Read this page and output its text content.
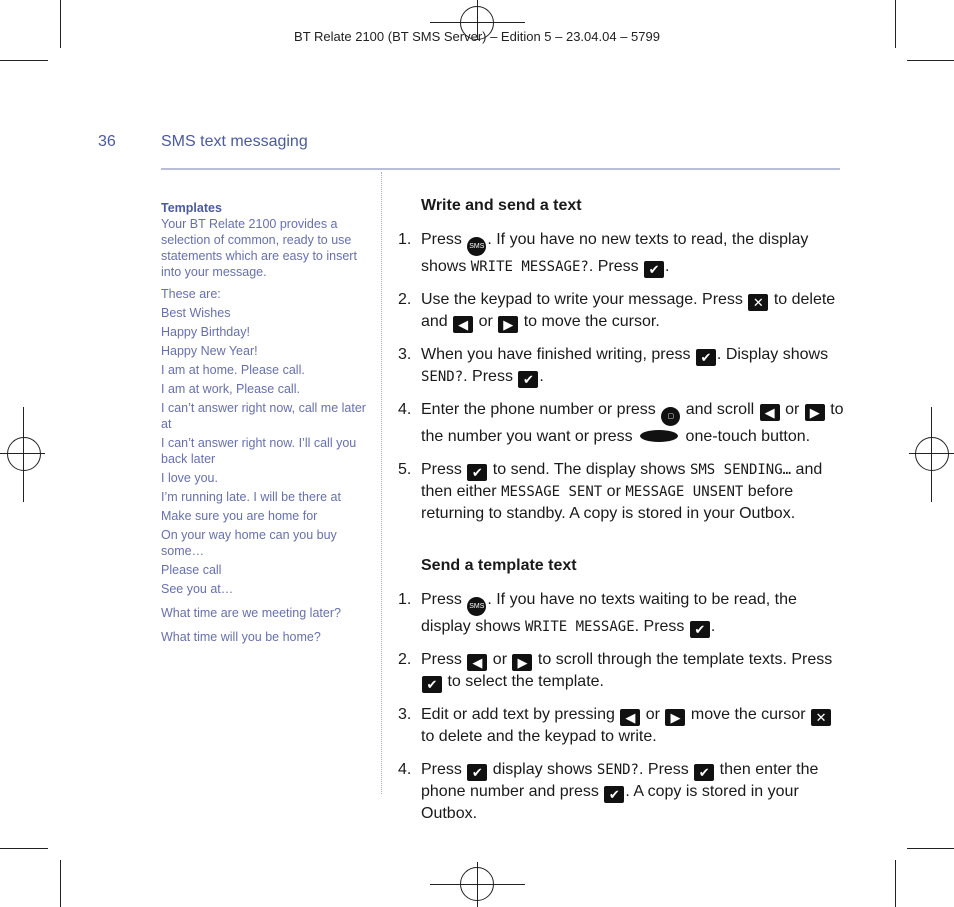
BT Relate 2100 (BT SMS Server) – Edition 5 – 23.04.04 – 5799
36	SMS text messaging
Templates
Your BT Relate 2100 provides a selection of common, ready to use statements which are easy to insert into your message.
These are:
Best Wishes
Happy Birthday!
Happy New Year!
I am at home. Please call.
I am at work, Please call.
I can’t answer right now, call me later at
I can’t answer right now. I’ll call you back later
I love you.
I’m running late. I will be there at
Make sure you are home for
On your way home can you buy some…
Please call
See you at…
What time are we meeting later?
What time will you be home?
Write and send a text
1. Press SMS . If you have no new texts to read, the display shows WRITE MESSAGE?. Press ✔ .
2. Use the keypad to write your message. Press ✕ to delete and ◀ or ▶ to move the cursor.
3. When you have finished writing, press ✔ . Display shows SEND?. Press ✔ .
4. Enter the phone number or press ▢ and scroll ◀ or ▶ to the number you want or press	one-touch button.
5. Press ✔ to send. The display shows SMS SENDING… and then either MESSAGE SENT or MESSAGE UNSENT before returning to standby. A copy is stored in your Outbox.
Send a template text
1. Press SMS . If you have no texts waiting to be read, the display shows WRITE MESSAGE. Press ✔ .
2. Press ◀ or ▶ to scroll through the template texts. Press ✔ to select the template.
3. Edit or add text by pressing ◀ or ▶ move the cursor ✕ to delete and the keypad to write.
4. Press ✔ display shows SEND?. Press ✔ then enter the phone number and press ✔ . A copy is stored in your Outbox.
